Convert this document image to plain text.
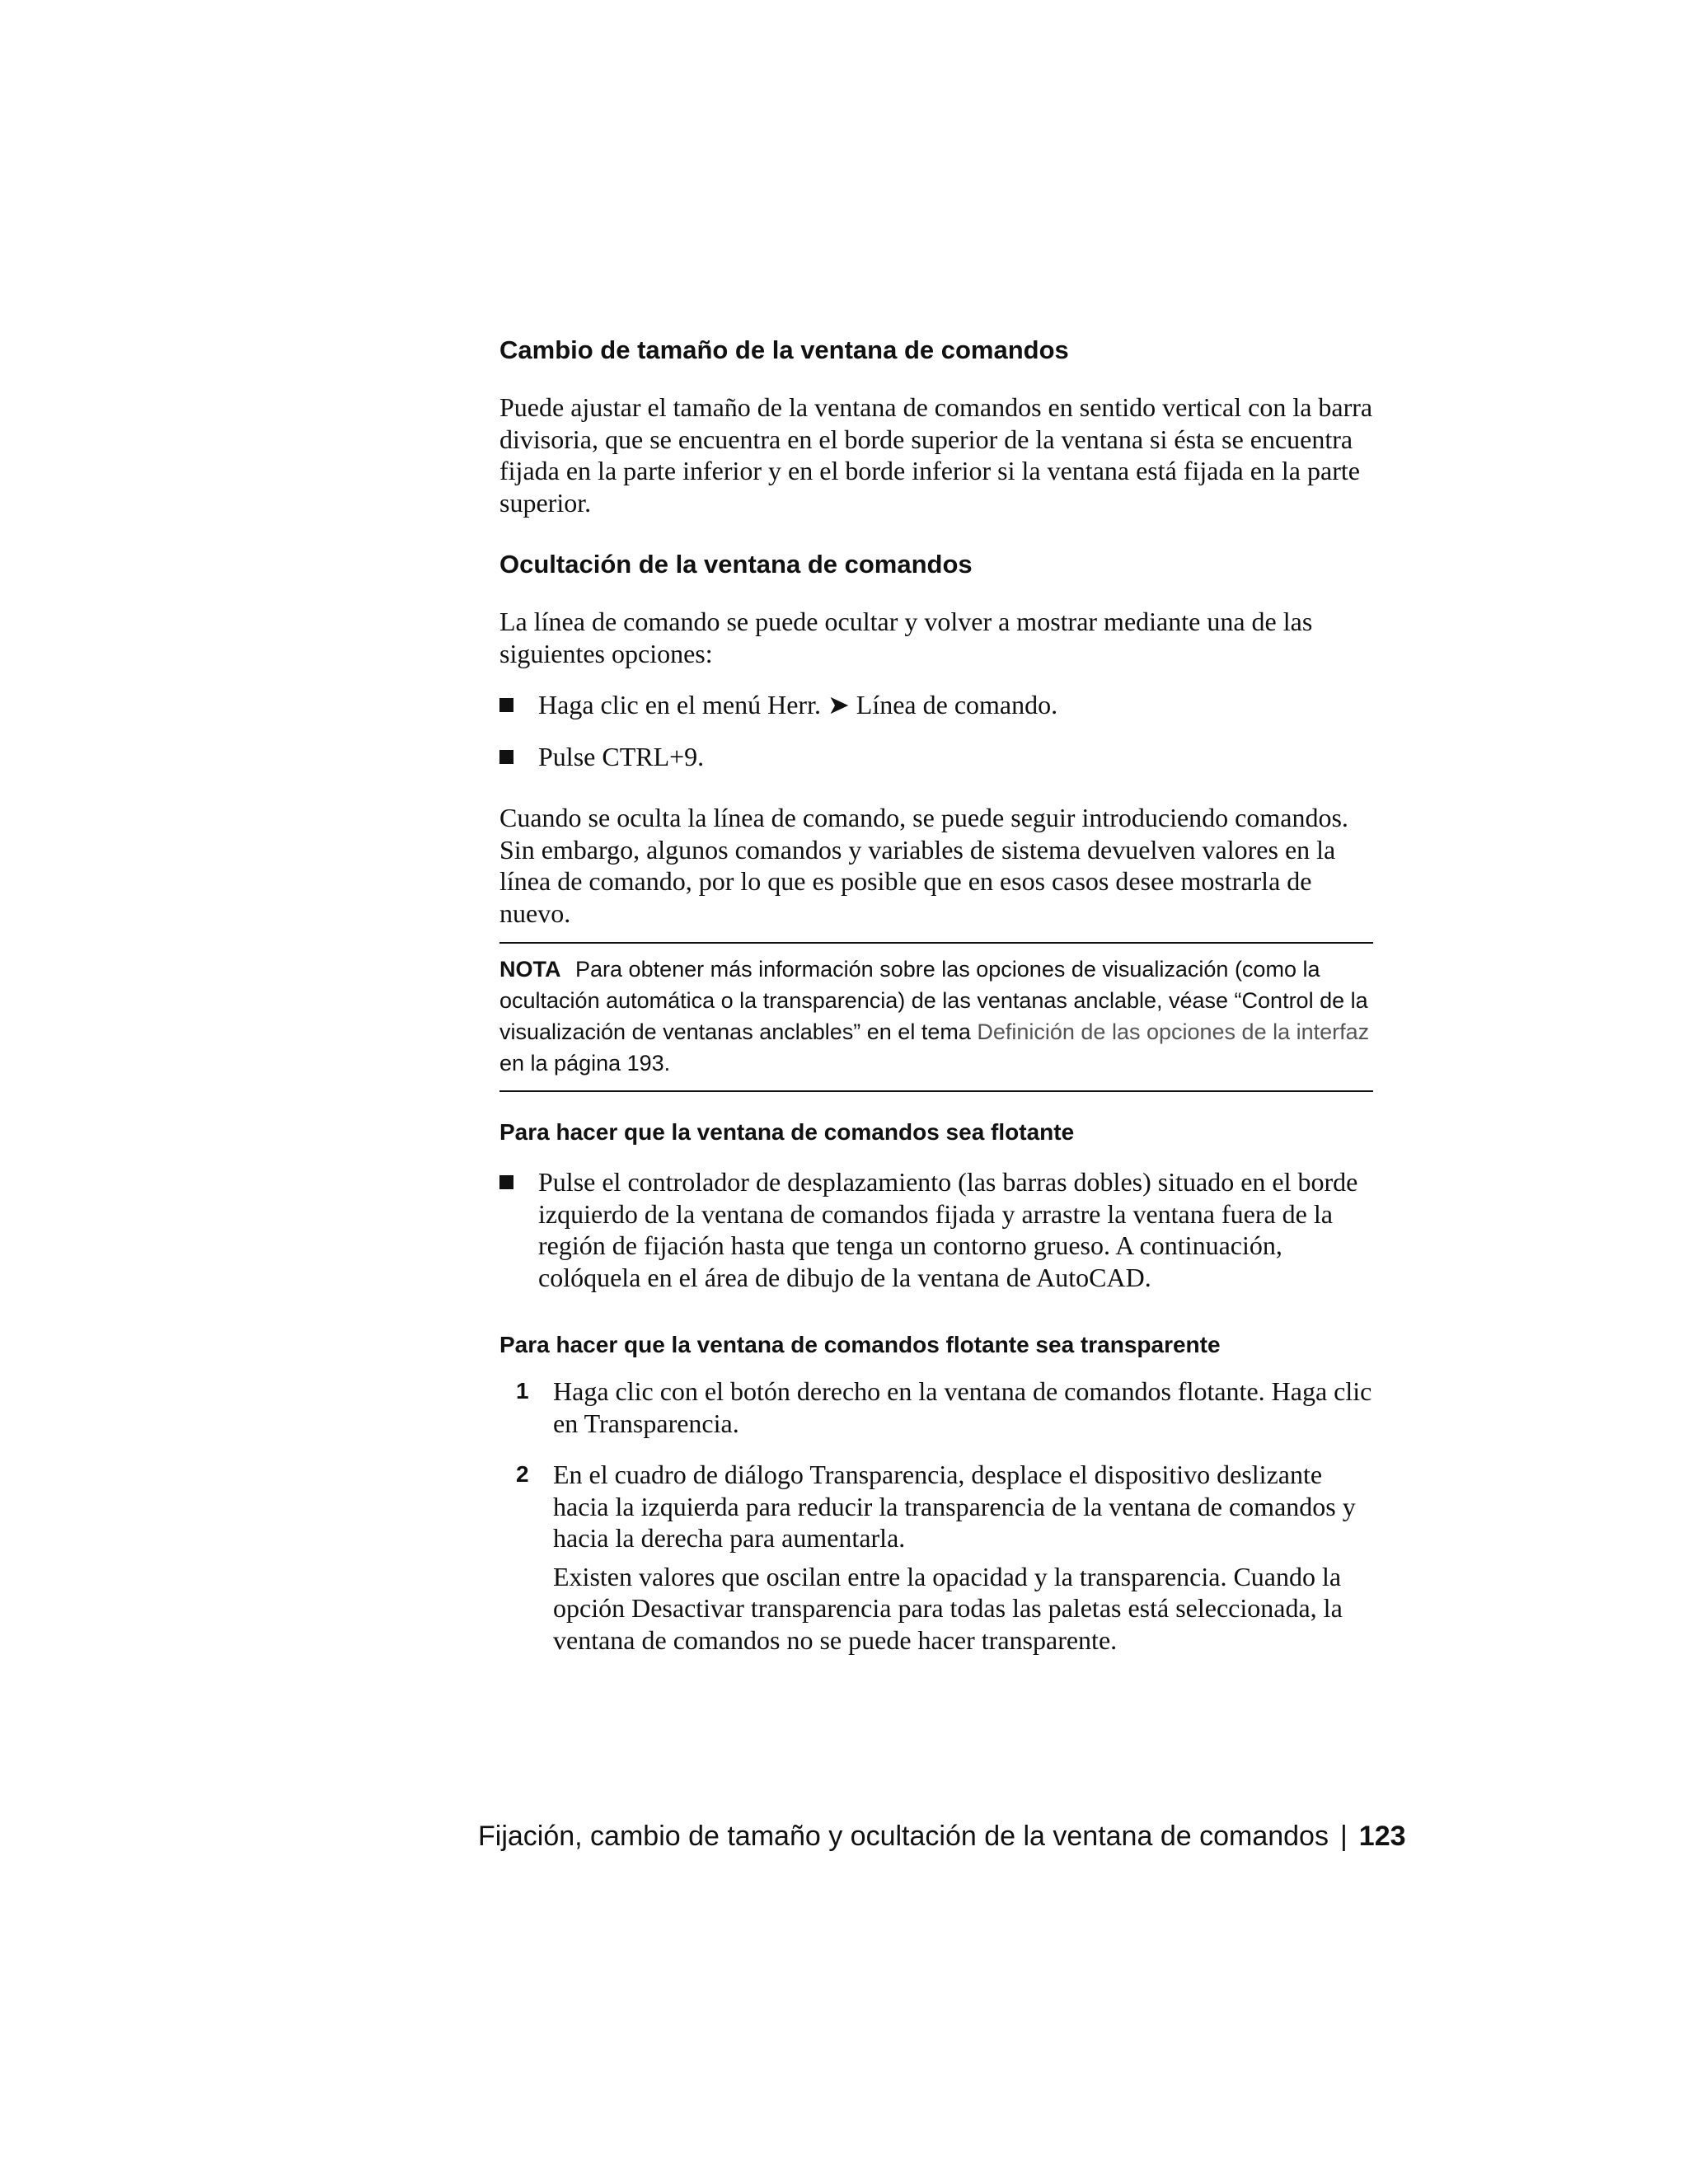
Cambio de tamaño de la ventana de comandos

Puede ajustar el tamaño de la ventana de comandos en sentido vertical con la barra divisoria, que se encuentra en el borde superior de la ventana si ésta se encuentra fijada en la parte inferior y en el borde inferior si la ventana está fijada en la parte superior.

Ocultación de la ventana de comandos

La línea de comando se puede ocultar y volver a mostrar mediante una de las siguientes opciones:

Haga clic en el menú Herr. ➤ Línea de comando.
Pulse CTRL+9.

Cuando se oculta la línea de comando, se puede seguir introduciendo comandos. Sin embargo, algunos comandos y variables de sistema devuelven valores en la línea de comando, por lo que es posible que en esos casos desee mostrarla de nuevo.

NOTA Para obtener más información sobre las opciones de visualización (como la ocultación automática o la transparencia) de las ventanas anclable, véase “Control de la visualización de ventanas anclables” en el tema Definición de las opciones de la interfaz en la página 193.
Para hacer que la ventana de comandos sea flotante
Pulse el controlador de desplazamiento (las barras dobles) situado en el borde izquierdo de la ventana de comandos fijada y arrastre la ventana fuera de la región de fijación hasta que tenga un contorno grueso. A continuación, colóquela en el área de dibujo de la ventana de AutoCAD.
Para hacer que la ventana de comandos flotante sea transparente
1 Haga clic con el botón derecho en la ventana de comandos flotante. Haga clic en Transparencia.
2 En el cuadro de diálogo Transparencia, desplace el dispositivo deslizante hacia la izquierda para reducir la transparencia de la ventana de comandos y hacia la derecha para aumentarla.

Existen valores que oscilan entre la opacidad y la transparencia. Cuando la opción Desactivar transparencia para todas las paletas está seleccionada, la ventana de comandos no se puede hacer transparente.

Fijación, cambio de tamaño y ocultación de la ventana de comandos | 123
